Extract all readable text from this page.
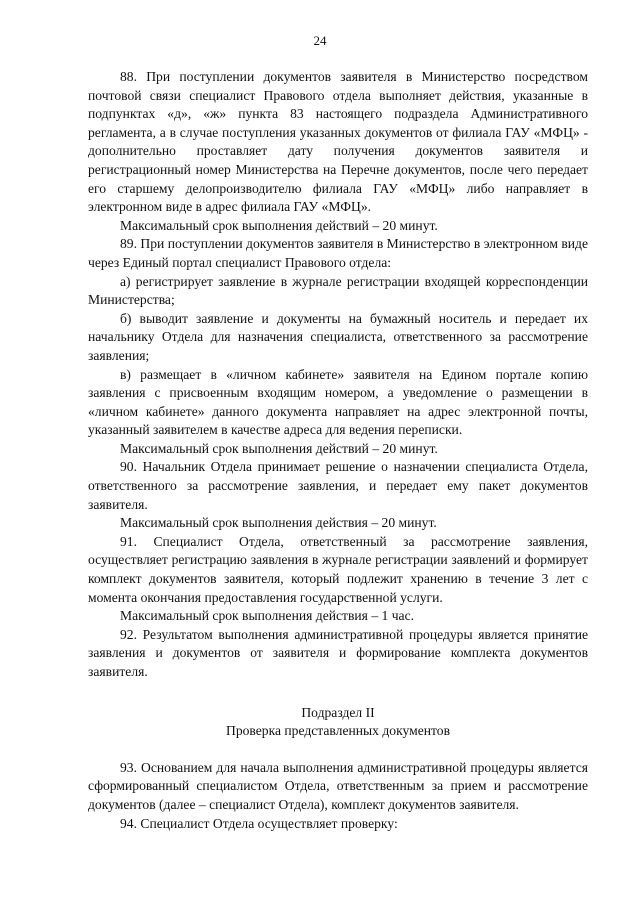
24

88. При поступлении документов заявителя в Министерство посредством почтовой связи специалист Правового отдела выполняет действия, указанные в подпунктах «д», «ж» пункта 83 настоящего подраздела Административного регламента, а в случае поступления указанных документов от филиала ГАУ «МФЦ» - дополнительно проставляет дату получения документов заявителя и регистрационный номер Министерства на Перечне документов, после чего передает его старшему делопроизводителю филиала ГАУ «МФЦ» либо направляет в электронном виде в адрес филиала ГАУ «МФЦ».

Максимальный срок выполнения действий – 20 минут.

89. При поступлении документов заявителя в Министерство в электронном виде через Единый портал специалист Правового отдела:

а) регистрирует заявление в журнале регистрации входящей корреспонденции Министерства;

б) выводит заявление и документы на бумажный носитель и передает их начальнику Отдела для назначения специалиста, ответственного за рассмотрение заявления;

в) размещает в «личном кабинете» заявителя на Едином портале копию заявления с присвоенным входящим номером, а уведомление о размещении в «личном кабинете» данного документа направляет на адрес электронной почты, указанный заявителем в качестве адреса для ведения переписки.

Максимальный срок выполнения действий – 20 минут.

90. Начальник Отдела принимает решение о назначении специалиста Отдела, ответственного за рассмотрение заявления, и передает ему пакет документов заявителя.

Максимальный срок выполнения действия – 20 минут.

91. Специалист Отдела, ответственный за рассмотрение заявления, осуществляет регистрацию заявления в журнале регистрации заявлений и формирует комплект документов заявителя, который подлежит хранению в течение 3 лет с момента окончания предоставления государственной услуги.

Максимальный срок выполнения действия – 1 час.

92. Результатом выполнения административной процедуры является принятие заявления и документов от заявителя и формирование комплекта документов заявителя.

Подраздел II

Проверка представленных документов

93. Основанием для начала выполнения административной процедуры является сформированный специалистом Отдела, ответственным за прием и рассмотрение документов (далее – специалист Отдела), комплект документов заявителя.

94. Специалист Отдела осуществляет проверку:
